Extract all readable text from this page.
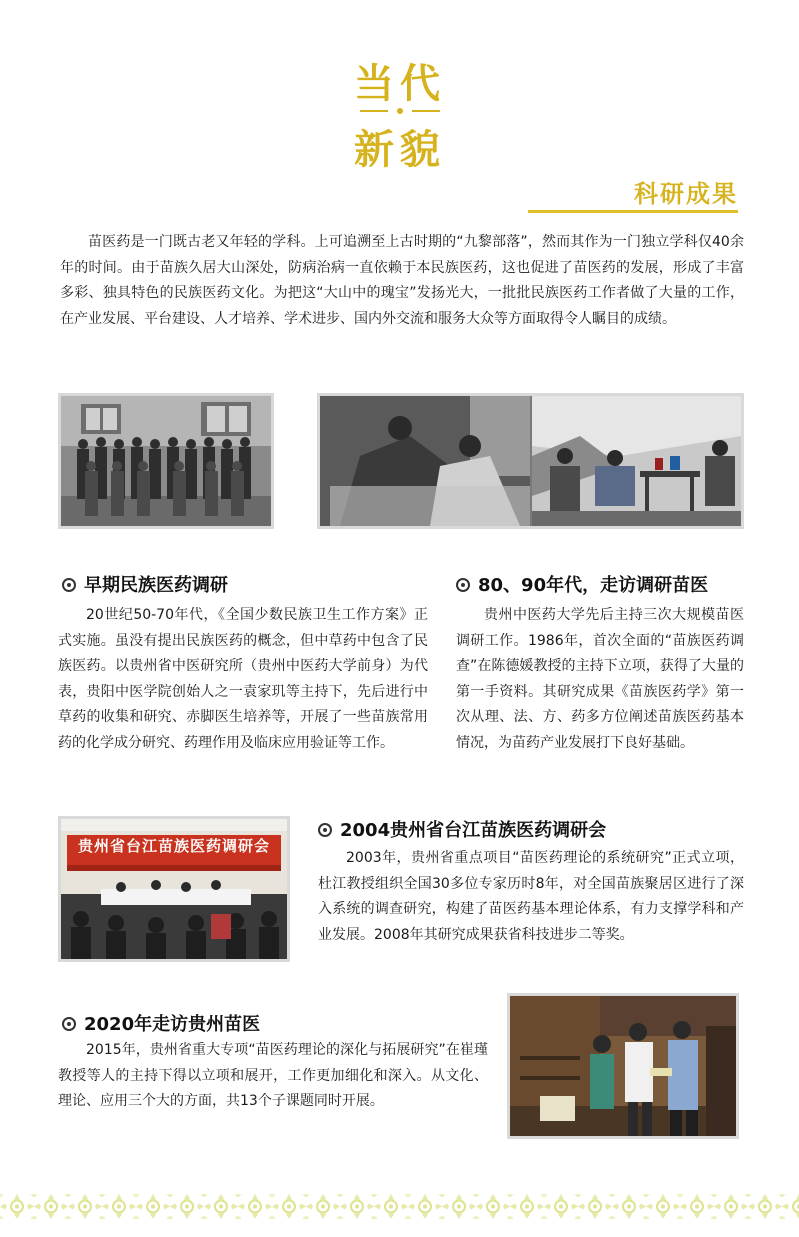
当代
新貌
科研成果
苗医药是一门既古老又年轻的学科。上可追溯至上古时期的“九黎部落”，然而其作为一门独立学科仅40余年的时间。由于苗族久居大山深处，防病治病一直依赖于本民族医药，这也促进了苗医药的发展，形成了丰富多彩、独具特色的民族医药文化。为把这“大山中的瑰宝”发扬光大，一批批民族医药工作者做了大量的工作，在产业发展、平台建设、人才培养、学术进步、国内外交流和服务大众等方面取得令人瞩目的成绩。
早期民族医药调研
20世纪50-70年代，《全国少数民族卫生工作方案》正式实施。虽没有提出民族医药的概念，但中草药中包含了民族医药。以贵州省中医研究所（贵州中医药大学前身）为代表，贵阳中医学院创始人之一袁家玑等主持下，先后进行中草药的收集和研究、赤脚医生培养等，开展了一些苗族常用药的化学成分研究、药理作用及临床应用验证等工作。
80、90年代，走访调研苗医
贵州中医药大学先后主持三次大规模苗医调研工作。1986年，首次全面的“苗族医药调查”在陈德媛教授的主持下立项，获得了大量的第一手资料。其研究成果《苗族医药学》第一次从理、法、方、药多方位阐述苗族医药基本情况，为苗药产业发展打下良好基础。
贵州省台江苗族医药调研会
2004贵州省台江苗族医药调研会
2003年，贵州省重点项目“苗医药理论的系统研究”正式立项，杜江教授组织全国30多位专家历时8年，对全国苗族聚居区进行了深入系统的调查研究，构建了苗医药基本理论体系，有力支撑学科和产业发展。2008年其研究成果获省科技进步二等奖。
2020年走访贵州苗医
2015年，贵州省重大专项“苗医药理论的深化与拓展研究”在崔瑾教授等人的主持下得以立项和展开，工作更加细化和深入。从文化、理论、应用三个大的方面，共13个子课题同时开展。
